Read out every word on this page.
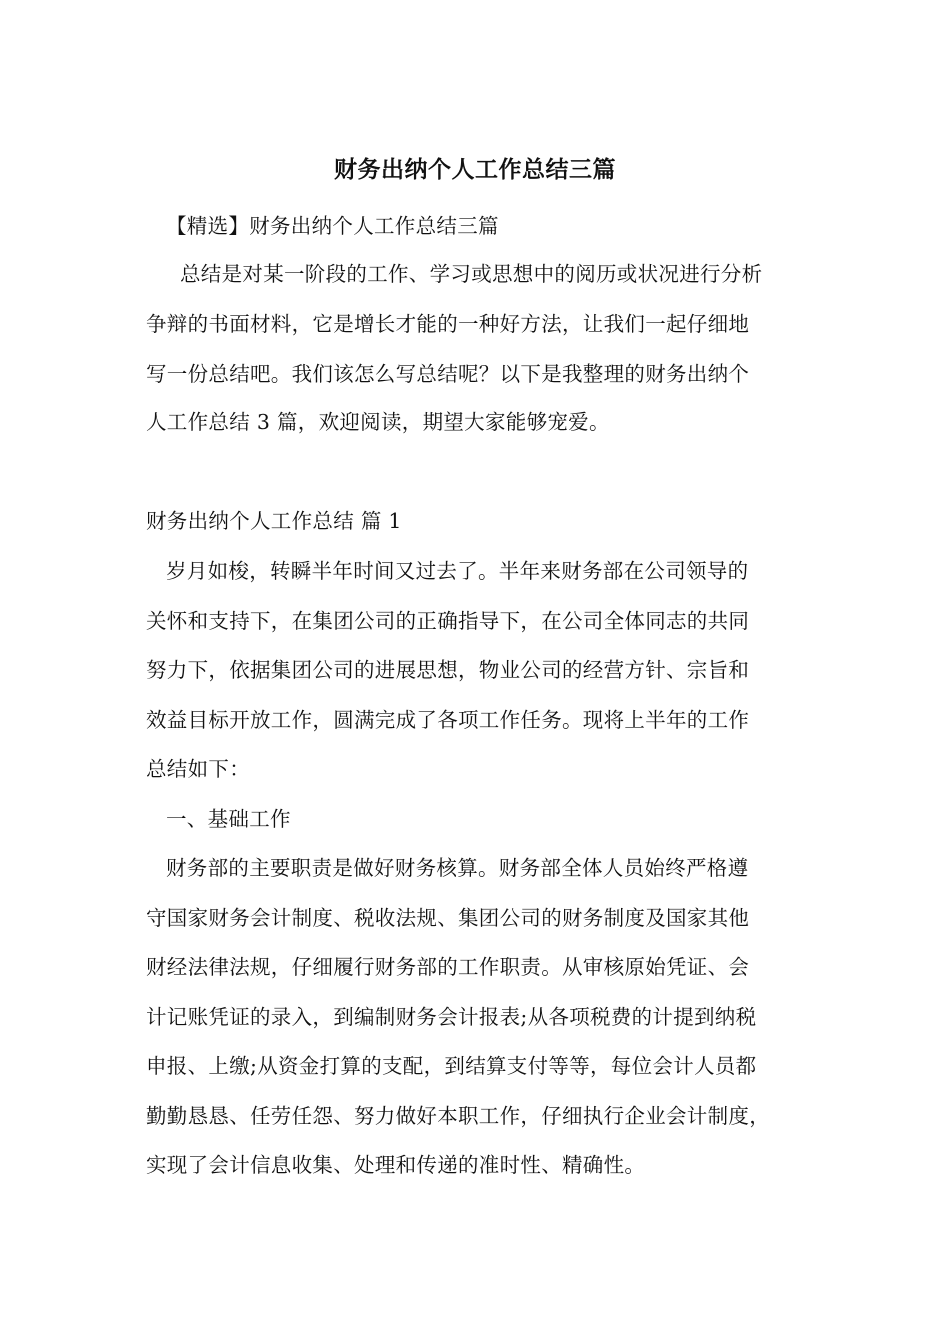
财务出纳个人工作总结三篇
【精选】财务出纳个人工作总结三篇
总结是对某一阶段的工作、学习或思想中的阅历或状况进行分析
争辩的书面材料，它是增长才能的一种好方法，让我们一起仔细地
写一份总结吧。我们该怎么写总结呢？以下是我整理的财务出纳个
人工作总结 3 篇，欢迎阅读，期望大家能够宠爱。
财务出纳个人工作总结 篇 1
岁月如梭，转瞬半年时间又过去了。半年来财务部在公司领导的
关怀和支持下，在集团公司的正确指导下，在公司全体同志的共同
努力下，依据集团公司的进展思想，物业公司的经营方针、宗旨和
效益目标开放工作，圆满完成了各项工作任务。现将上半年的工作
总结如下：
一、基础工作
财务部的主要职责是做好财务核算。财务部全体人员始终严格遵
守国家财务会计制度、税收法规、集团公司的财务制度及国家其他
财经法律法规，仔细履行财务部的工作职责。从审核原始凭证、会
计记账凭证的录入，到编制财务会计报表;从各项税费的计提到纳税
申报、上缴;从资金打算的支配，到结算支付等等，每位会计人员都
勤勤恳恳、任劳任怨、努力做好本职工作，仔细执行企业会计制度，
实现了会计信息收集、处理和传递的准时性、精确性。
